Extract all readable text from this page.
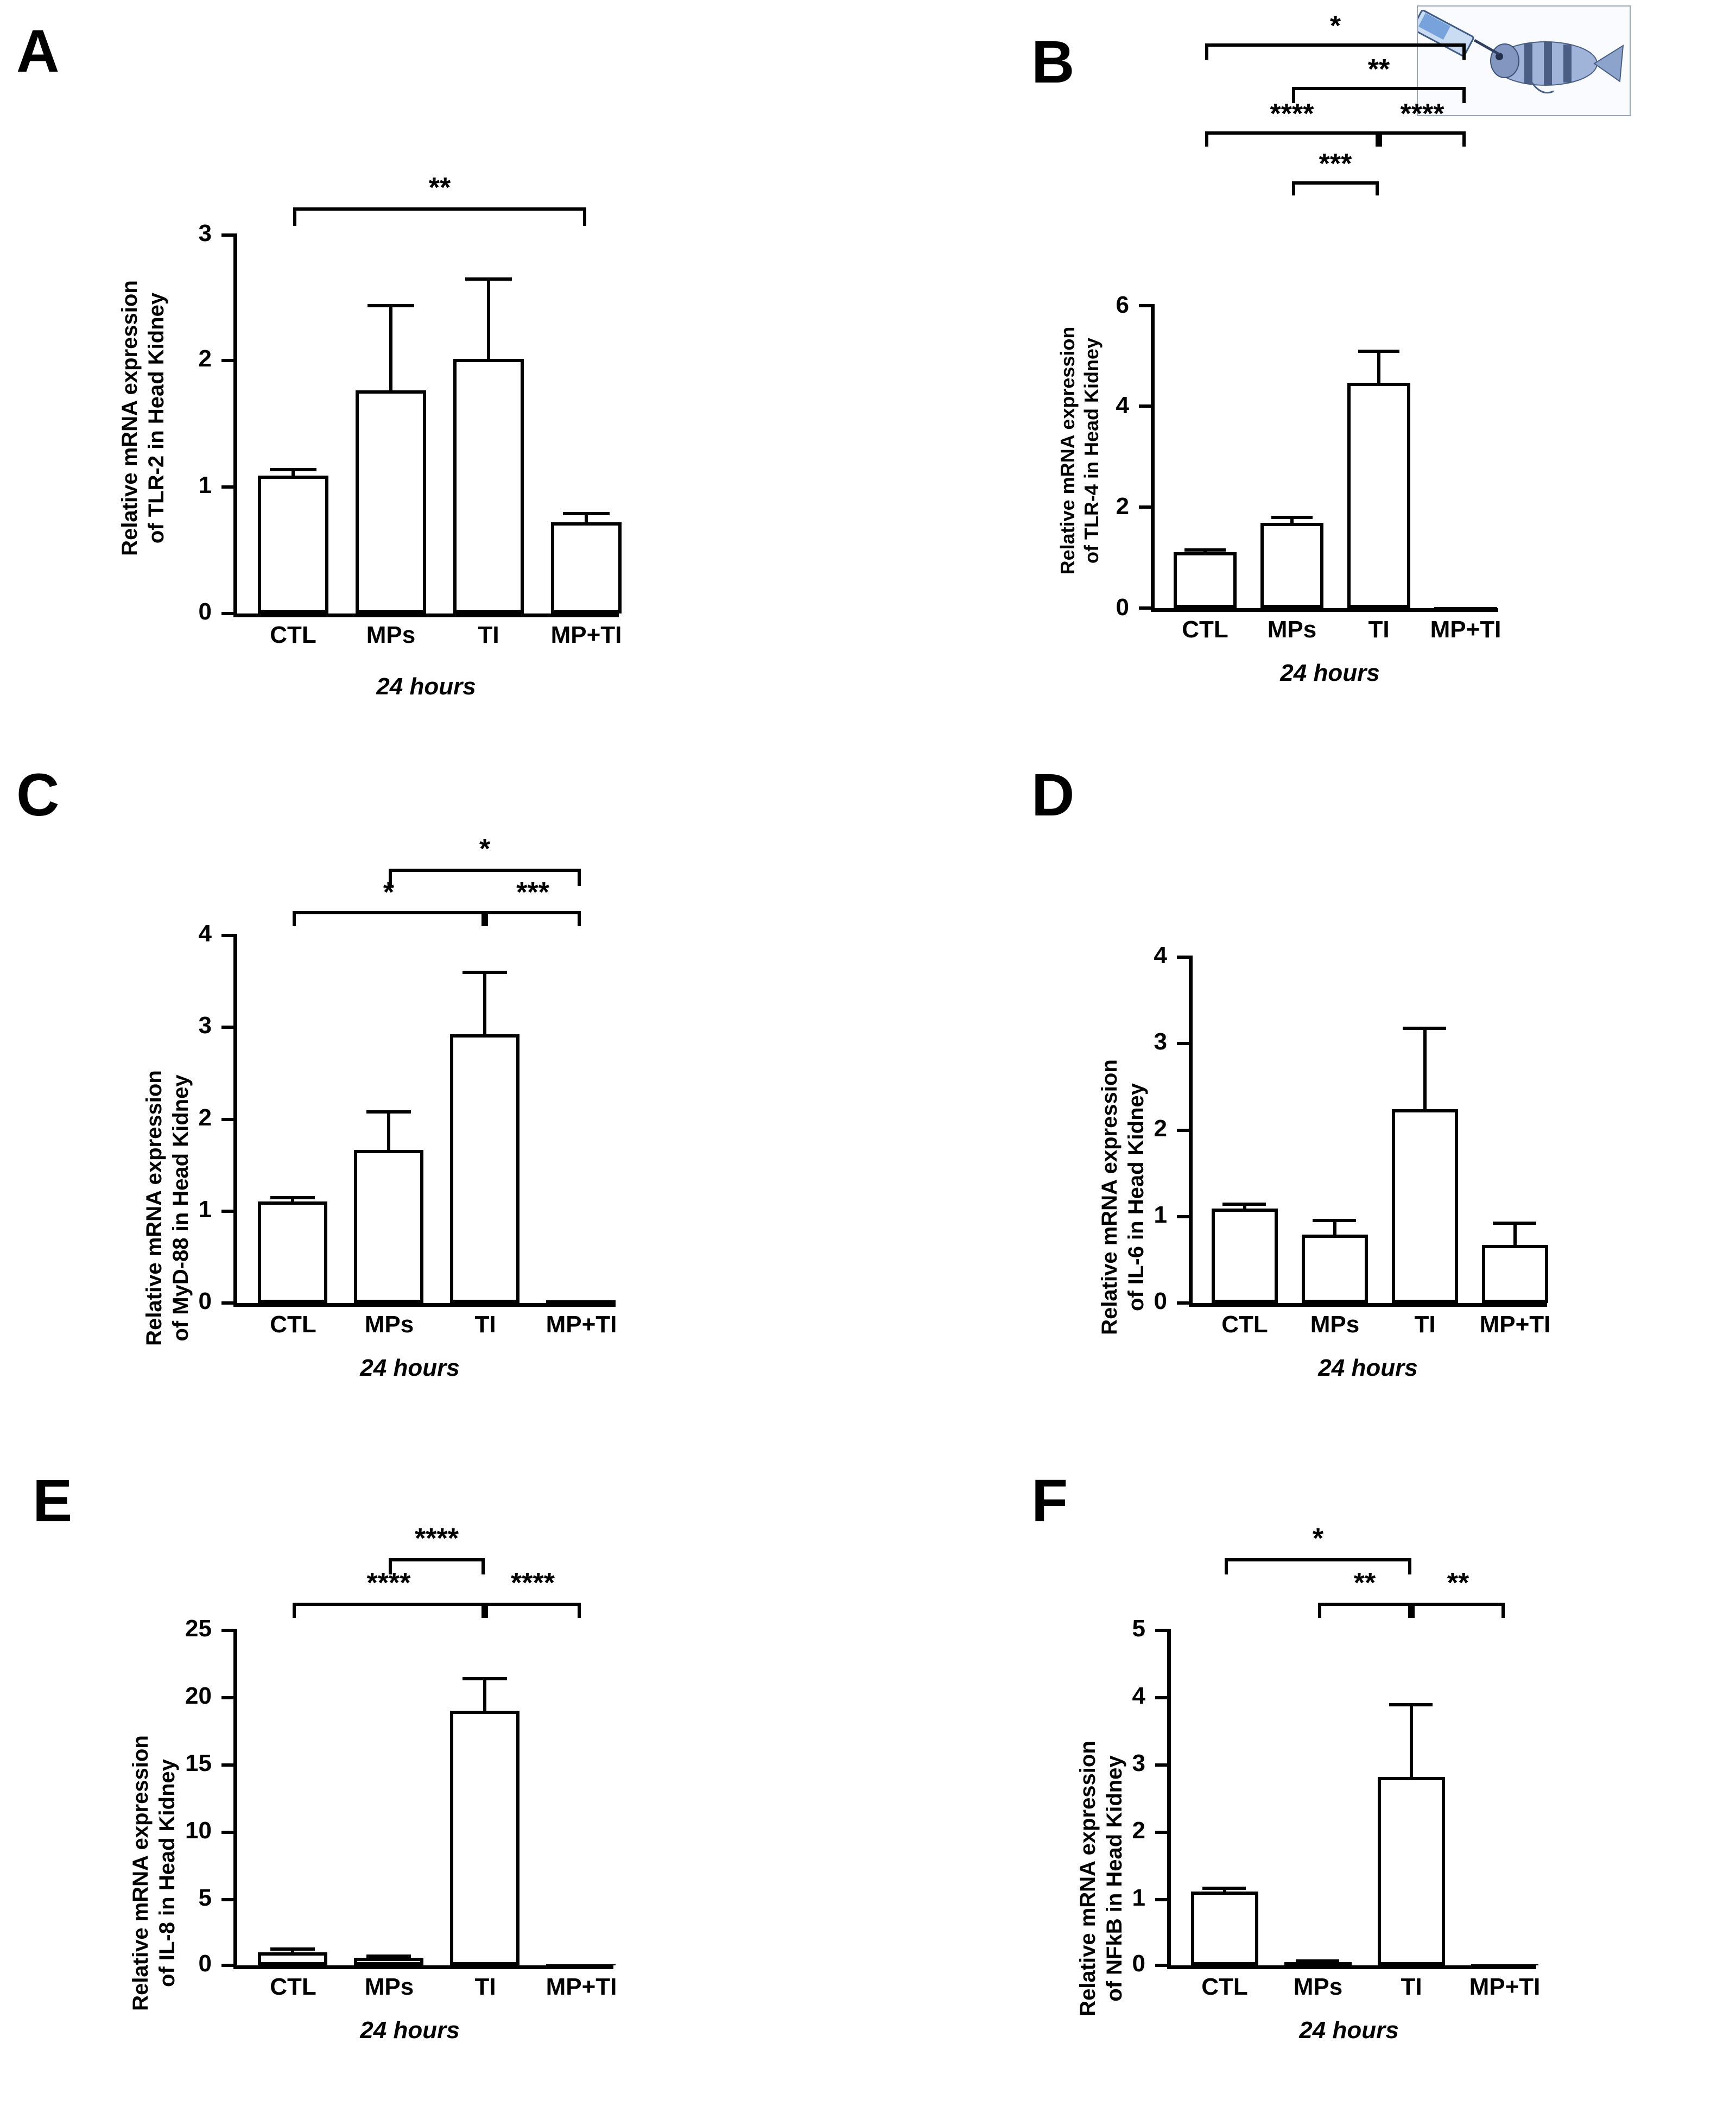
A
Relative mRNA expression of TLR-2 in Head Kidney
3
2
1
0
CTL	MPs	TI	MP+TI
24 hours
**
B
Relative mRNA expression
of TLR-4 in Head Kidney
6
4
2
0
CTL	MPs	TI	MP+TI
24 hours
*
**
****	****
***
C
Relative mRNA expression of MyD-88 in Head Kidney
4
3
2
1
0
CTL	MPs	TI	MP+TI
24 hours
*
*	***
D
Relative mRNA expression of IL-6 in Head Kidney
4
3
2
1
0
CTL	MPs	TI	MP+TI
24 hours
E
Relative mRNA expression of IL-8 in Head Kidney
25
20
15
10
5
0
CTL	MPs	TI	MP+TI
24 hours
****
****	****
F
Relative mRNA expression of NFkB in Head Kidney
5
4
3
2
1
0
CTL	MPs	TI	MP+TI
24 hours
*
**	**
